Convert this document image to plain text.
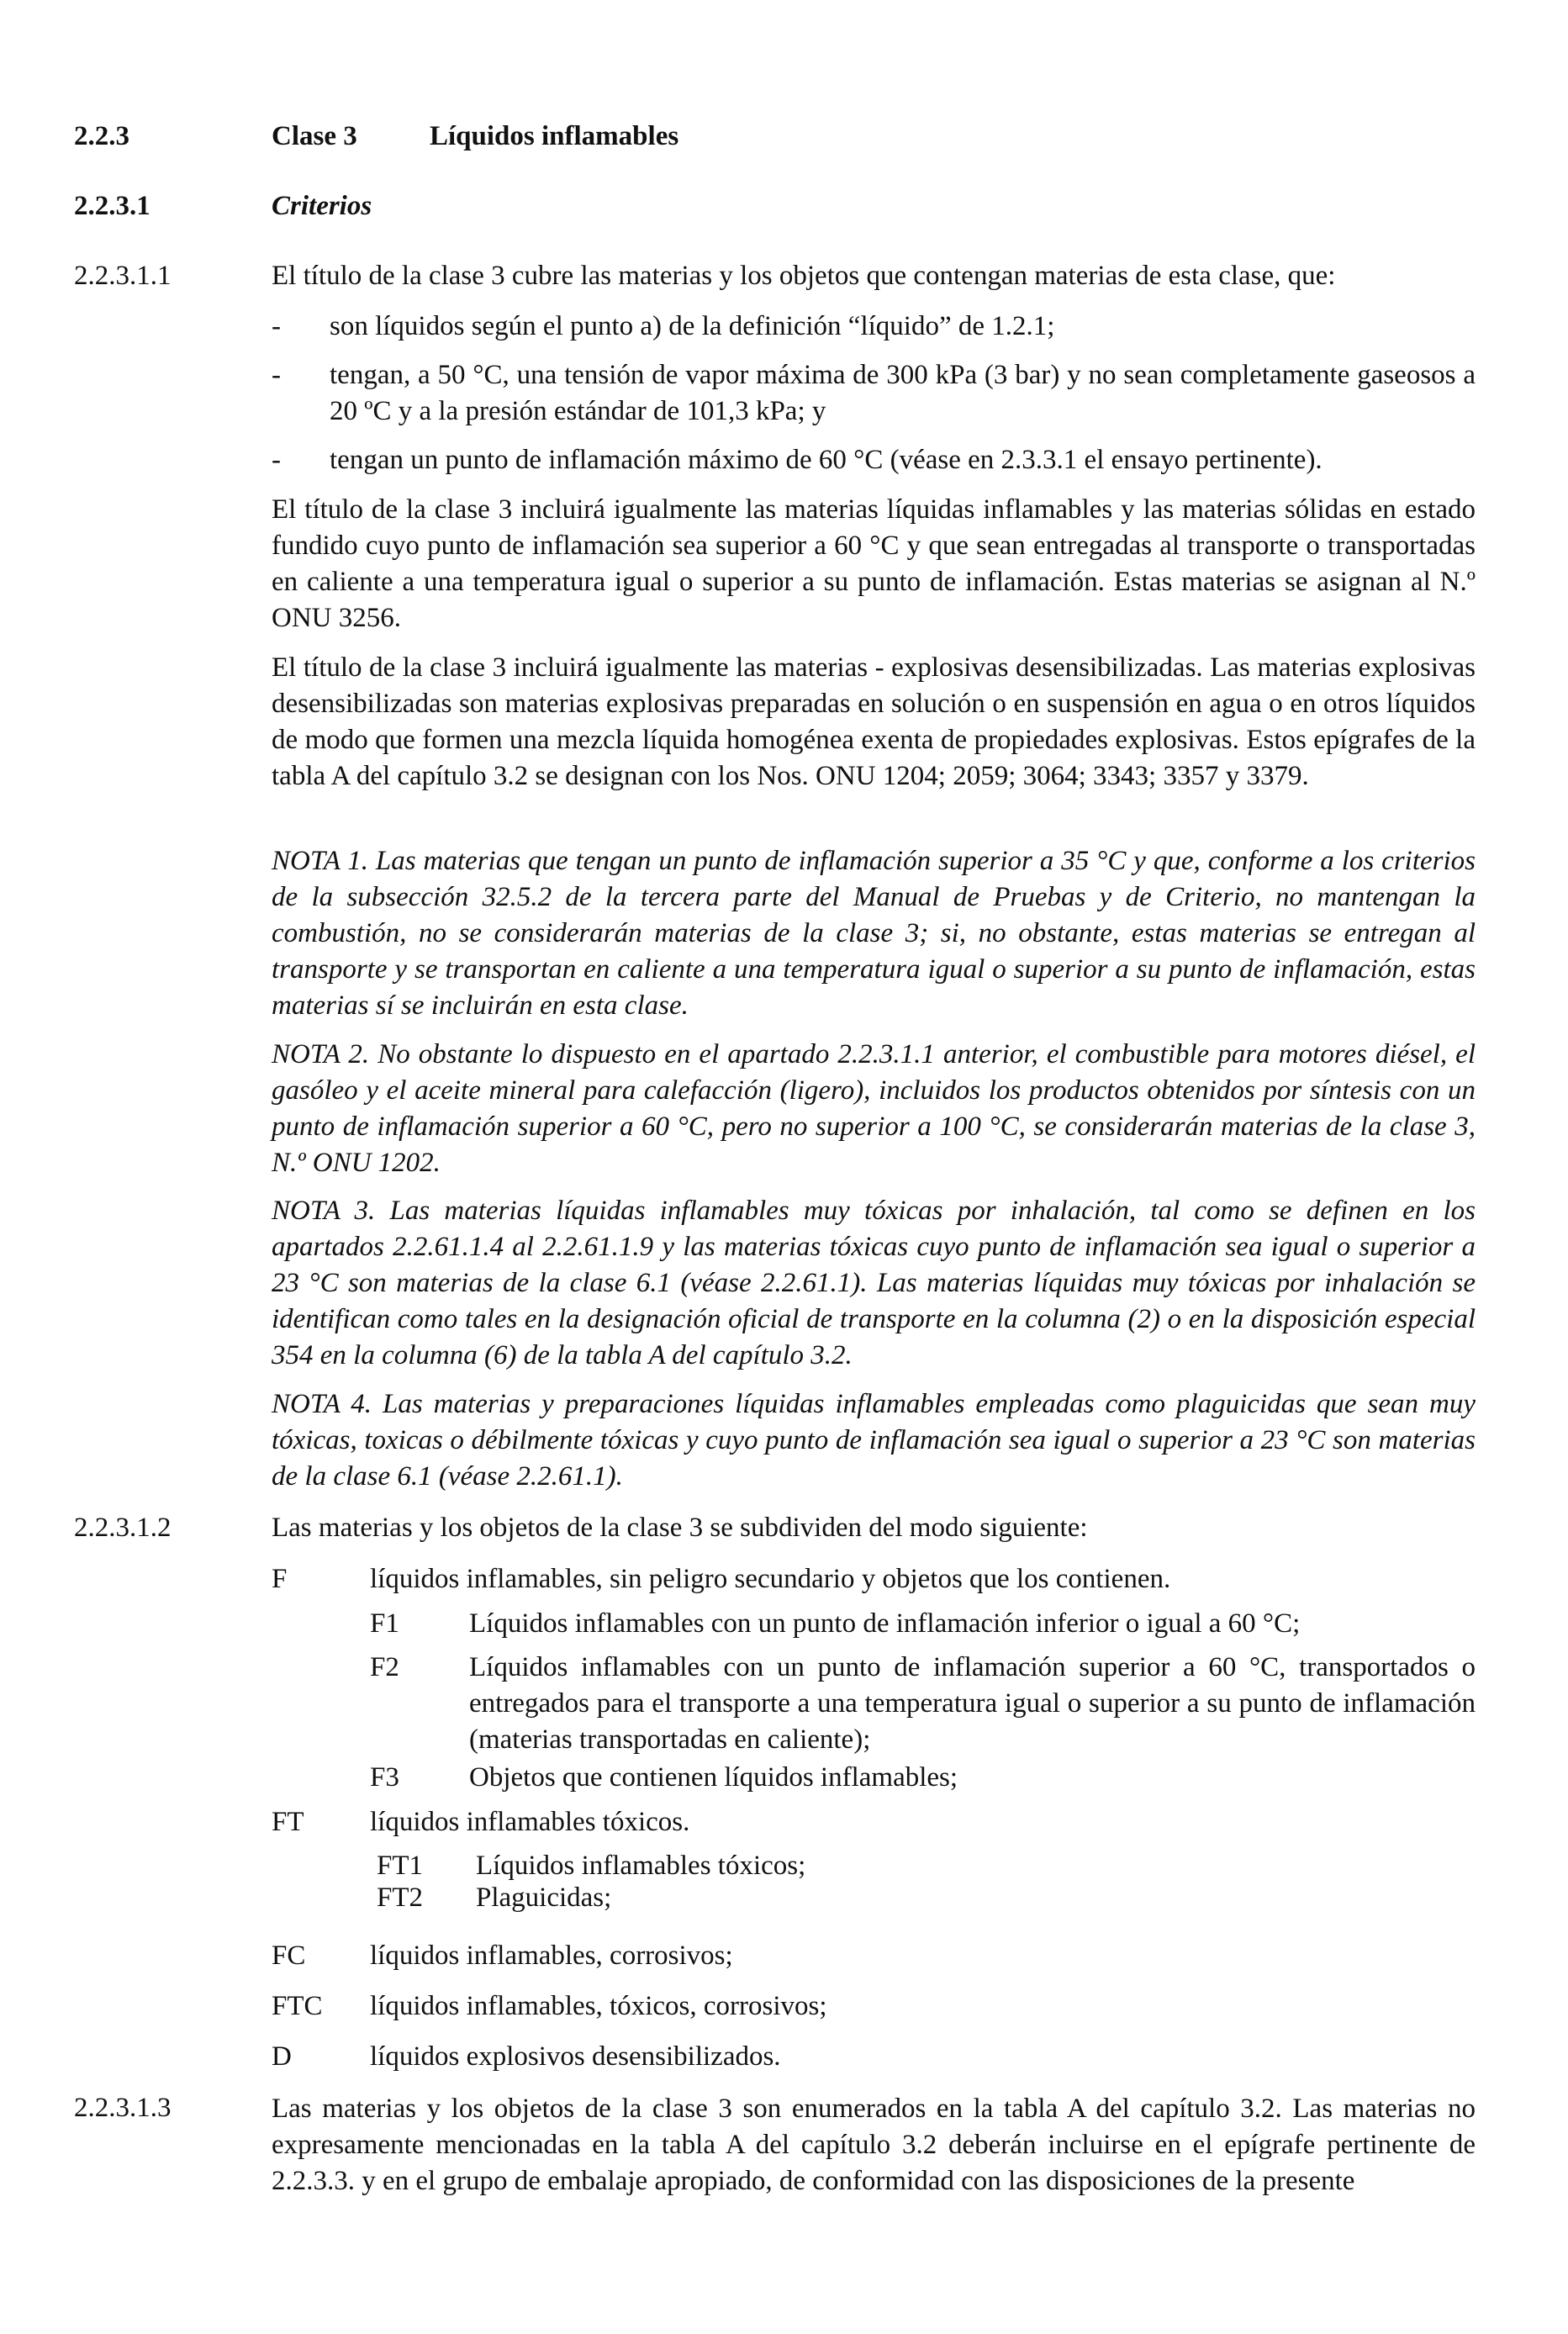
2.2.3	Clase 3	Líquidos inflamables
2.2.3.1	Criterios
2.2.3.1.1	El título de la clase 3 cubre las materias y los objetos que contengan materias de esta clase, que:
- son líquidos según el punto a) de la definición “líquido” de 1.2.1;
- tengan, a 50 °C, una tensión de vapor máxima de 300 kPa (3 bar) y no sean completamente gaseosos a 20 ºC y a la presión estándar de 101,3 kPa; y
- tengan un punto de inflamación máximo de 60 °C (véase en 2.3.3.1 el ensayo pertinente).
El título de la clase 3 incluirá igualmente las materias líquidas inflamables y las materias sólidas en estado fundido cuyo punto de inflamación sea superior a 60 °C y que sean entregadas al transporte o transportadas en caliente a una temperatura igual o superior a su punto de inflamación. Estas materias se asignan al N.º ONU 3256.
El título de la clase 3 incluirá igualmente las materias - explosivas desensibilizadas. Las materias explosivas desensibilizadas son materias explosivas preparadas en solución o en suspensión en agua o en otros líquidos de modo que formen una mezcla líquida homogénea exenta de propiedades explosivas. Estos epígrafes de la tabla A del capítulo 3.2 se designan con los Nos. ONU 1204; 2059; 3064; 3343; 3357 y 3379.
NOTA 1. Las materias que tengan un punto de inflamación superior a 35 °C y que, conforme a los criterios de la subsección 32.5.2 de la tercera parte del Manual de Pruebas y de Criterio, no mantengan la combustión, no se considerarán materias de la clase 3; si, no obstante, estas materias se entregan al transporte y se transportan en caliente a una temperatura igual o superior a su punto de inflamación, estas materias sí se incluirán en esta clase.
NOTA 2. No obstante lo dispuesto en el apartado 2.2.3.1.1 anterior, el combustible para motores diésel, el gasóleo y el aceite mineral para calefacción (ligero), incluidos los productos obtenidos por síntesis con un punto de inflamación superior a 60 °C, pero no superior a 100 °C, se considerarán materias de la clase 3, N.º ONU 1202.
NOTA 3. Las materias líquidas inflamables muy tóxicas por inhalación, tal como se definen en los apartados 2.2.61.1.4 al 2.2.61.1.9 y las materias tóxicas cuyo punto de inflamación sea igual o superior a 23 °C son materias de la clase 6.1 (véase 2.2.61.1). Las materias líquidas muy tóxicas por inhalación se identifican como tales en la designación oficial de transporte en la columna (2) o en la disposición especial 354 en la columna (6) de la tabla A del capítulo 3.2.
NOTA 4. Las materias y preparaciones líquidas inflamables empleadas como plaguicidas que sean muy tóxicas, toxicas o débilmente tóxicas y cuyo punto de inflamación sea igual o superior a 23 °C son materias de la clase 6.1 (véase 2.2.61.1).
2.2.3.1.2	Las materias y los objetos de la clase 3 se subdividen del modo siguiente:
F	líquidos inflamables, sin peligro secundario y objetos que los contienen.
F1	Líquidos inflamables con un punto de inflamación inferior o igual a 60 °C;
F2	Líquidos inflamables con un punto de inflamación superior a 60 °C, transportados o entregados para el transporte a una temperatura igual o superior a su punto de inflamación (materias transportadas en caliente);
F3	Objetos que contienen líquidos inflamables;
FT líquidos inflamables tóxicos.
FT1 Líquidos inflamables tóxicos;
FT2 Plaguicidas;
FC líquidos inflamables, corrosivos;
FTC líquidos inflamables, tóxicos, corrosivos;
D	líquidos explosivos desensibilizados.
2.2.3.1.3	Las materias y los objetos de la clase 3 son enumerados en la tabla A del capítulo 3.2. Las materias no expresamente mencionadas en la tabla A del capítulo 3.2 deberán incluirse en el epígrafe pertinente de 2.2.3.3. y en el grupo de embalaje apropiado, de conformidad con las disposiciones de la presente
